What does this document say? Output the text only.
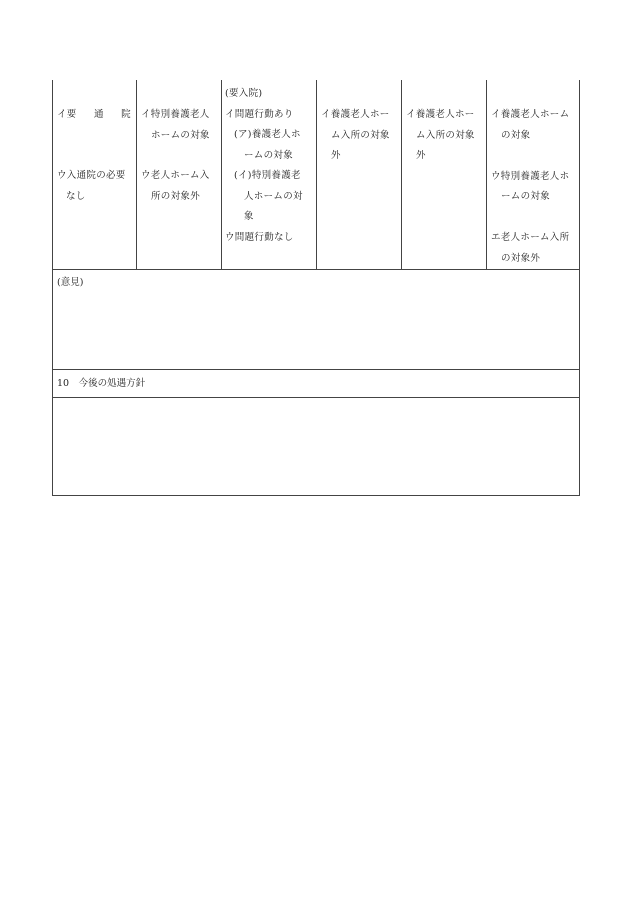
イ要 通 院
ウ入通院の必要
なし
イ特別養護老人
ホームの対象
ウ老人ホーム入
所の対象外
(要入院)
イ問題行動あり
(ア)養護老人ホ
ームの対象
(イ)特別養護老
人ホームの対
象
ウ問題行動なし
イ養護老人ホー
ム入所の対象
外
イ養護老人ホー
ム入所の対象
外
イ養護老人ホーム
の対象
ウ特別養護老人ホ
ームの対象
エ老人ホーム入所
の対象外
(意見)
10　今後の処遇方針
